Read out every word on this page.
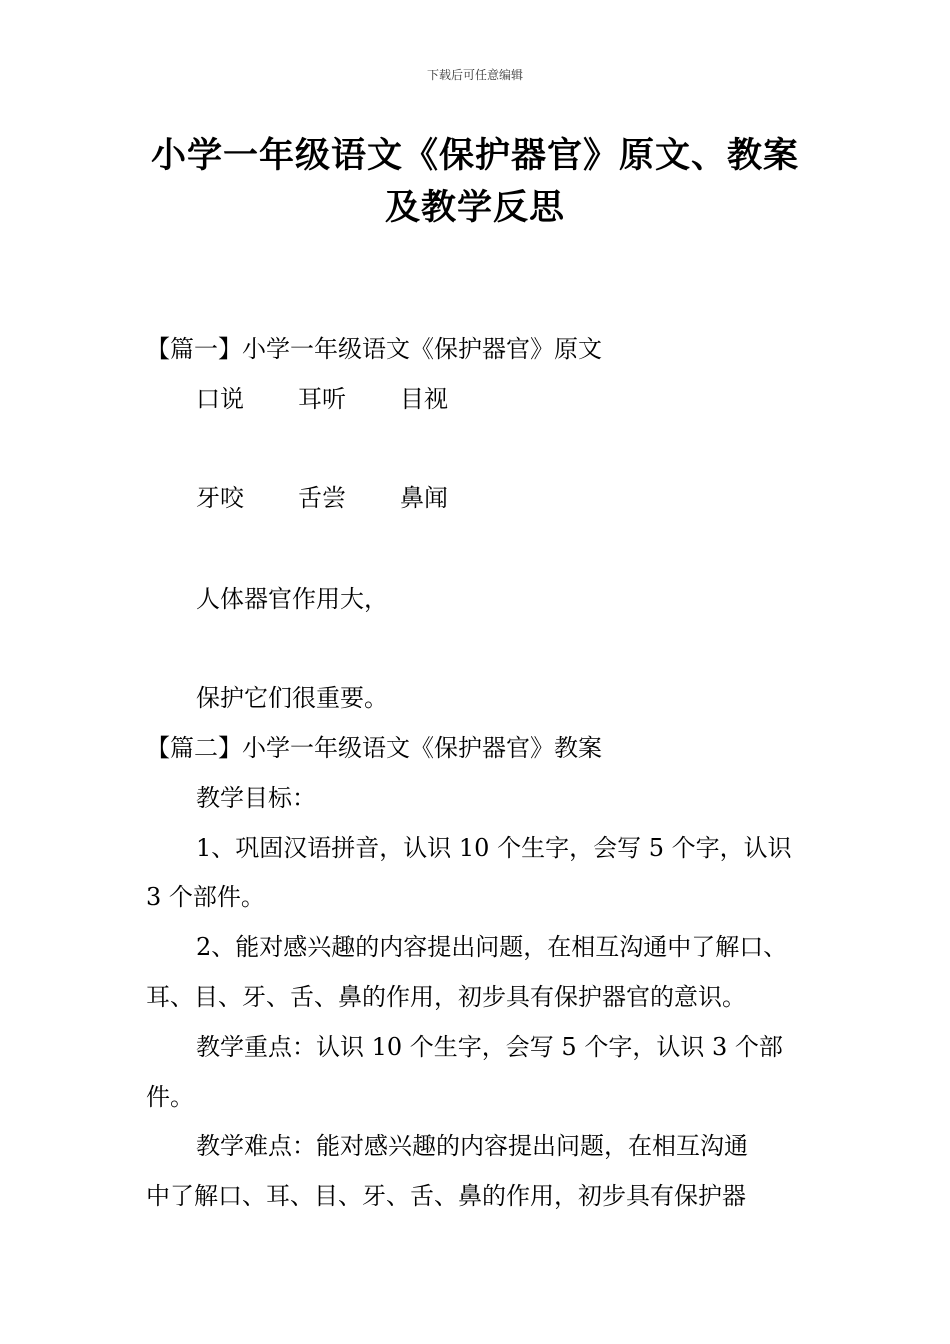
下载后可任意编辑
小学一年级语文《保护器官》原文、教案
及教学反思
【篇一】小学一年级语文《保护器官》原文
口说 耳听 目视
牙咬 舌尝 鼻闻
人体器官作用大，
保护它们很重要。
【篇二】小学一年级语文《保护器官》教案
教学目标：
1、巩固汉语拼音，认识 10 个生字，会写 5 个字，认识
3 个部件。
2、能对感兴趣的内容提出问题，在相互沟通中了解口、
耳、目、牙、舌、鼻的作用，初步具有保护器官的意识。
教学重点：认识 10 个生字，会写 5 个字，认识 3 个部
件。
教学难点：能对感兴趣的内容提出问题，在相互沟通
中了解口、耳、目、牙、舌、鼻的作用，初步具有保护器
